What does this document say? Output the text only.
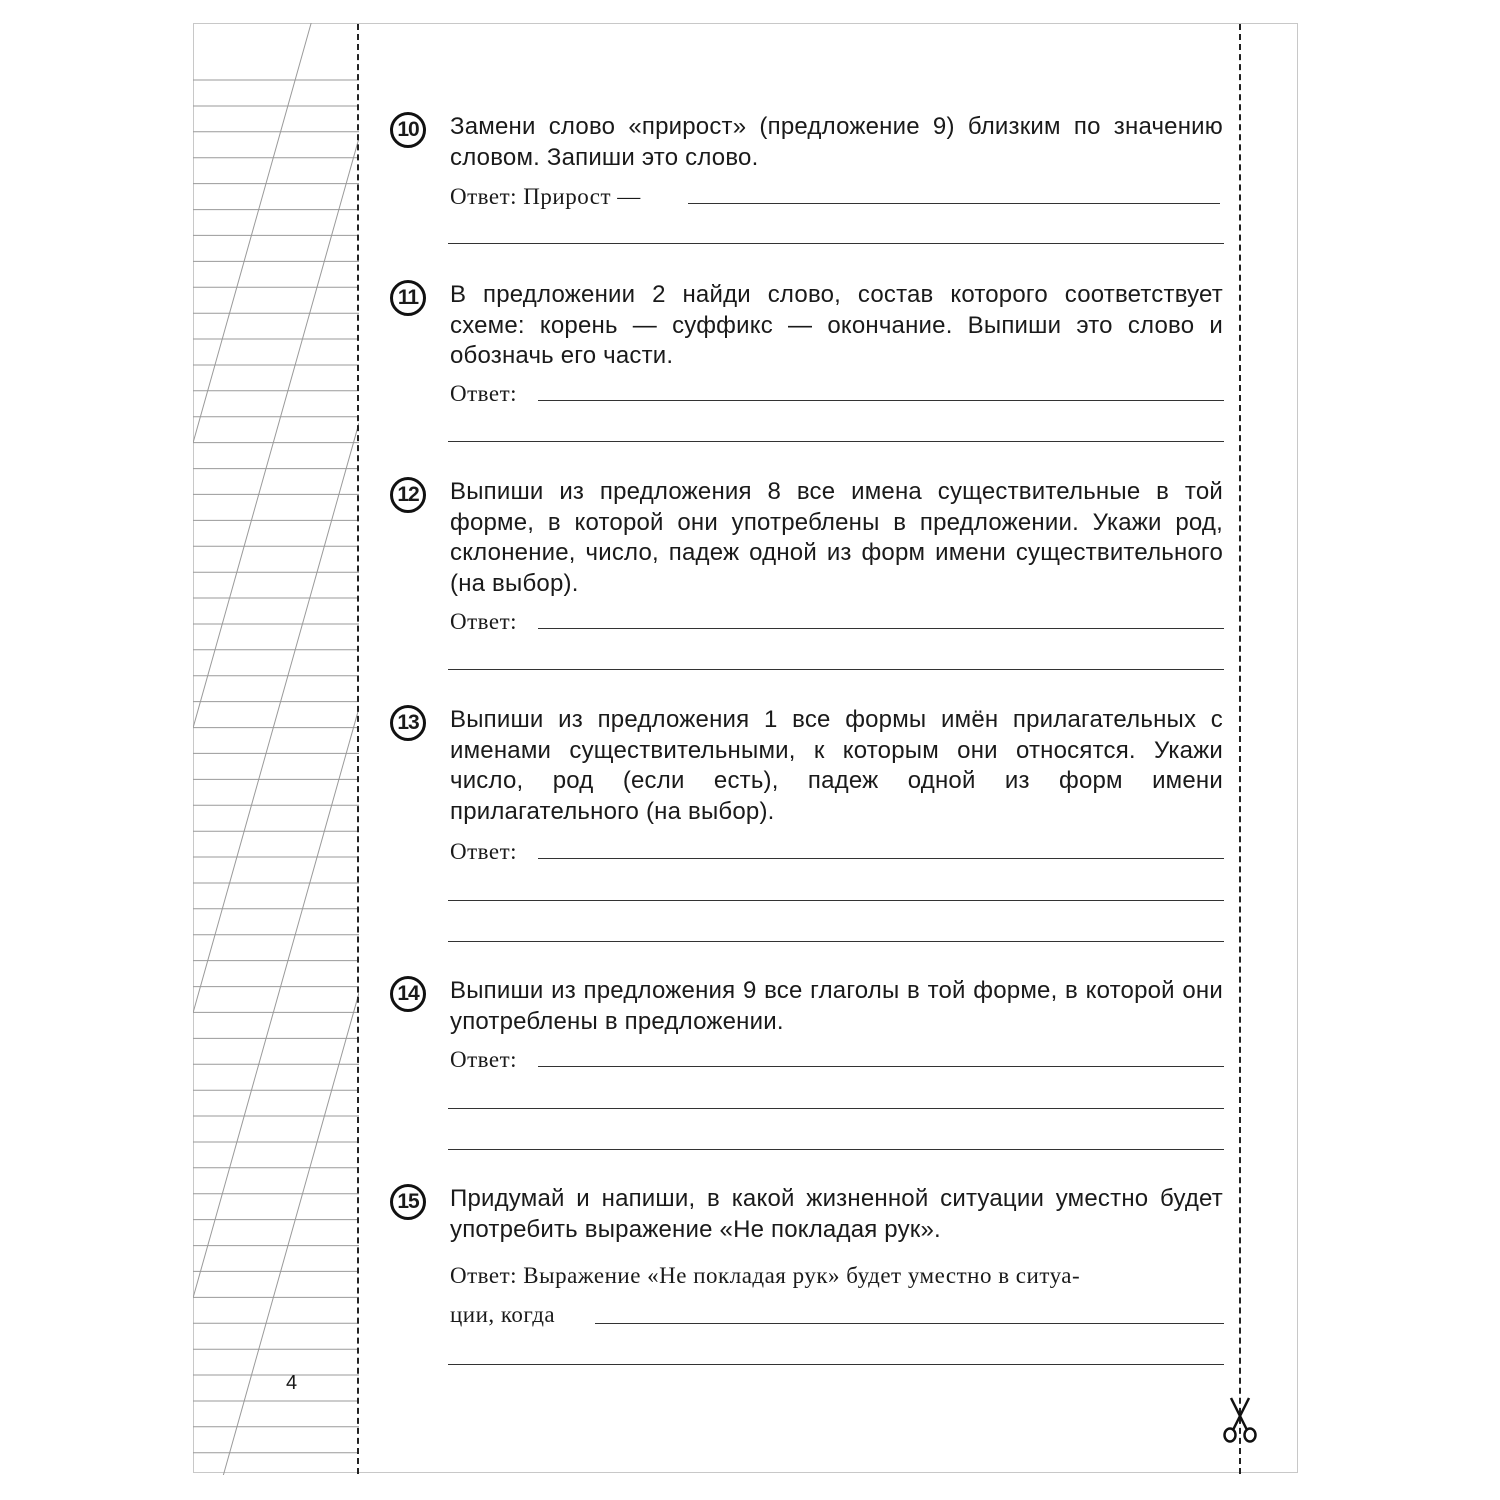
10	Замени слово «прирост» (предложение 9) близким по значению словом. Запиши это слово.
Ответ: Прирост —
11	В предложении 2 найди слово, состав которого соответствует схеме: корень — суффикс — окончание. Выпиши это слово и обозначь его части.
Ответ:
12	Выпиши из предложения 8 все имена существительные в той форме, в которой они употреблены в предложении. Укажи род, склонение, число, падеж одной из форм имени существительного (на выбор).
Ответ:
13	Выпиши из предложения 1 все формы имён прилагательных с именами существительными, к которым они относятся. Укажи число, род (если есть), падеж одной из форм имени прилагательного (на выбор).
Ответ:
14	Выпиши из предложения 9 все глаголы в той форме, в которой они употреблены в предложении.
Ответ:
15	Придумай и напиши, в какой жизненной ситуации уместно будет употребить выражение «Не покладая рук».
Ответ: Выражение «Не покладая рук» будет уместно в ситуа-
ции, когда
4
